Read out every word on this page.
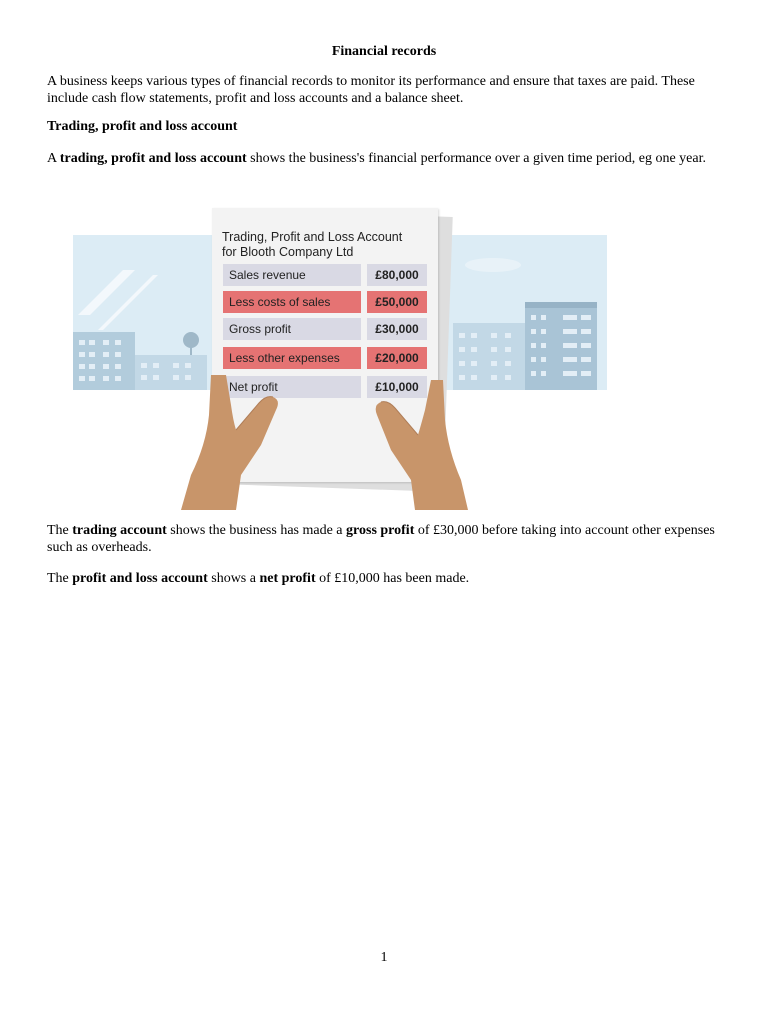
Financial records
A business keeps various types of financial records to monitor its performance and ensure that taxes are paid. These include cash flow statements, profit and loss accounts and a balance sheet.
Trading, profit and loss account
A trading, profit and loss account shows the business's financial performance over a given time period, eg one year.
Trading, Profit and Loss Account
for Blooth Company Ltd
Sales revenue	£80,000
Less costs of sales	£50,000
Gross profit	£30,000
Less other expenses	£20,000
Net profit	£10,000
The trading account shows the business has made a gross profit of £30,000 before taking into account other expenses such as overheads.
The profit and loss account shows a net profit of £10,000 has been made.
1
